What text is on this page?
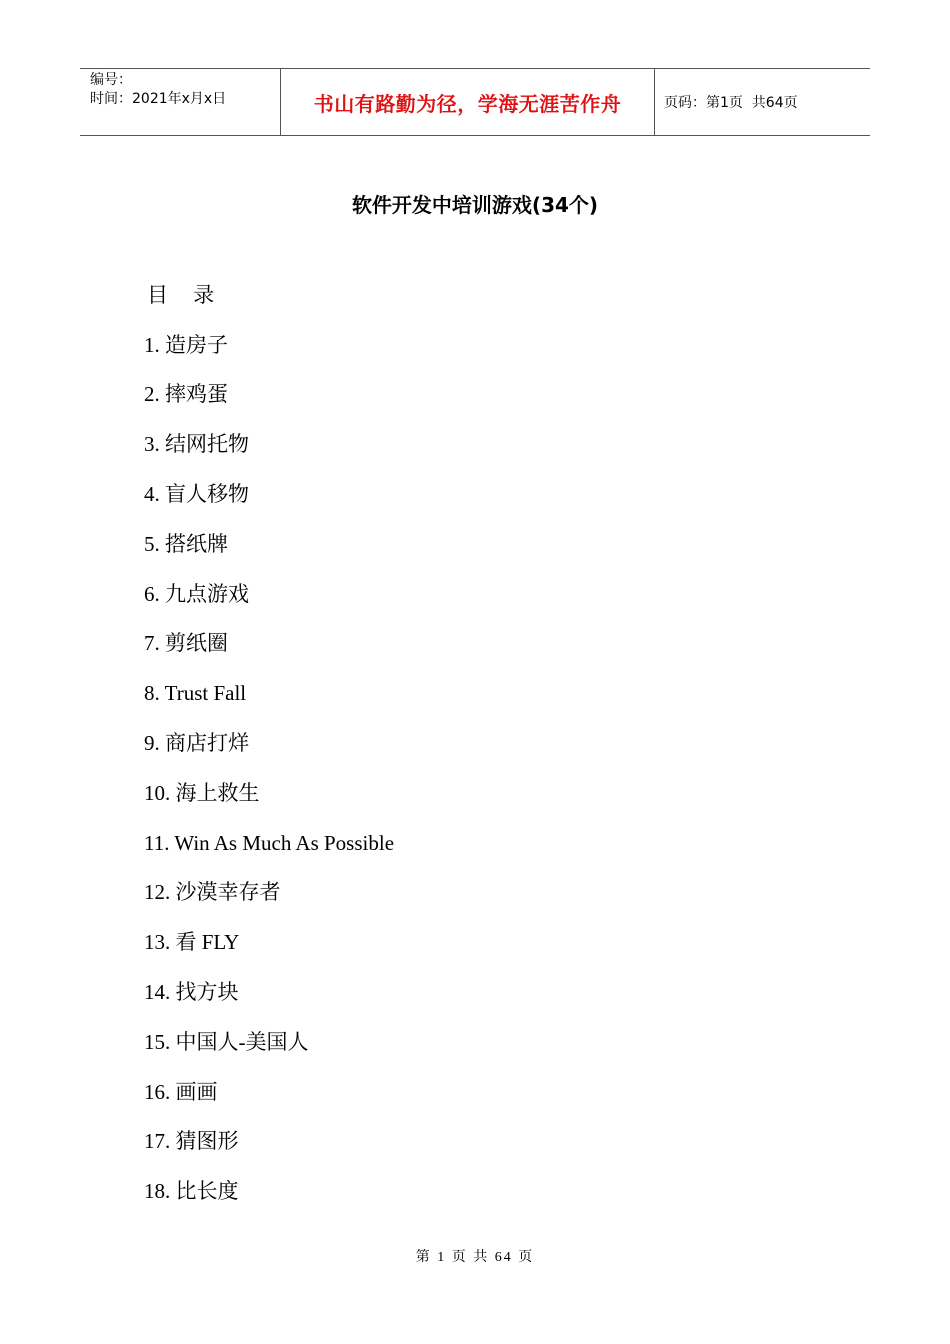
编号：
时间：2021年x月x日	书山有路勤为径，学海无涯苦作舟	页码：第1页  共64页
软件开发中培训游戏(34个)
目 录
1. 造房子
2. 摔鸡蛋
3. 结网托物
4. 盲人移物
5. 搭纸牌
6. 九点游戏
7. 剪纸圈
8. Trust Fall
9. 商店打烊
10. 海上救生
11. Win As Much As Possible
12. 沙漠幸存者
13. 看 FLY
14. 找方块
15. 中国人-美国人
16. 画画
17. 猜图形
18. 比长度
第 1 页 共 64 页
